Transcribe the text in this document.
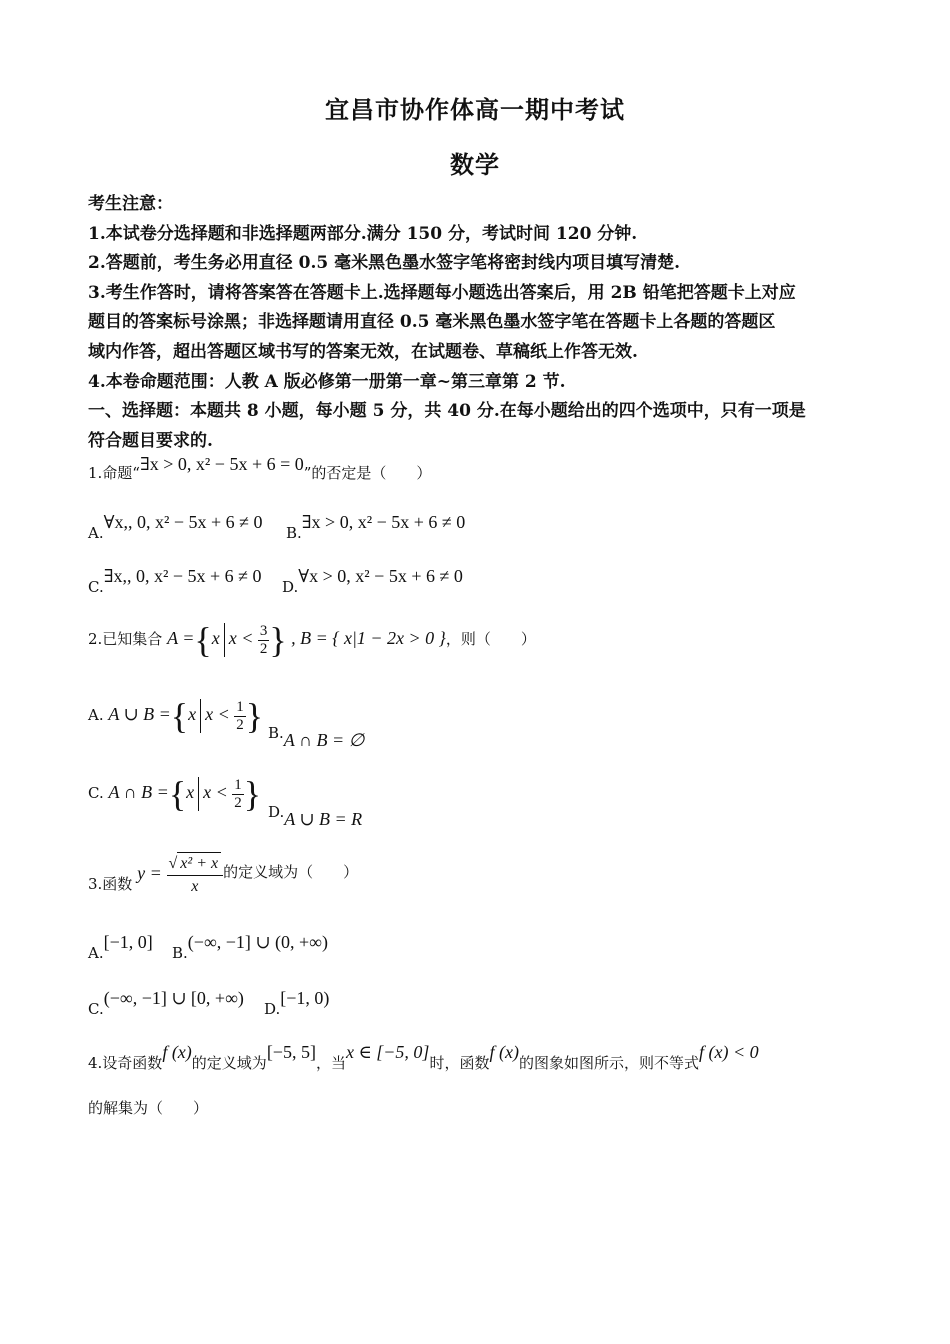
宜昌市协作体高一期中考试
数学
考生注意：
1.本试卷分选择题和非选择题两部分.满分 150 分，考试时间 120 分钟.
2.答题前，考生务必用直径 0.5 毫米黑色墨水签字笔将密封线内项目填写清楚.
3.考生作答时，请将答案答在答题卡上.选择题每小题选出答案后，用 2B 铅笔把答题卡上对应
题目的答案标号涂黑；非选择题请用直径 0.5 毫米黑色墨水签字笔在答题卡上各题的答题区
域内作答，超出答题区域书写的答案无效，在试题卷、草稿纸上作答无效.
4.本卷命题范围：人教 A 版必修第一册第一章~第三章第 2 节.
一、选择题：本题共 8 小题，每小题 5 分，共 40 分.在每小题给出的四个选项中，只有一项是
符合题目要求的.
1.命题“∃x > 0, x² − 5x + 6 = 0”的否定是（　　）
A.∀x,, 0, x² − 5x + 6 ≠ 0
B.∃x > 0, x² − 5x + 6 ≠ 0
C.∃x,, 0, x² − 5x + 6 ≠ 0
D.∀x > 0, x² − 5x + 6 ≠ 0
2.已知集合 A ={x $x < \frac{3}{2}$ } , B = { x|1 − 2x > 0 }，则（　　）
A. A ∪ B ={x $x < \frac{1}{2}$ } B.A ∩ B = ∅
C. A ∩ B ={x $x < \frac{1}{2}$ } D.A ∪ B = R
3.函数 $y = \frac{\text{√ x² + x}}{x}$ 的定义域为（　　）
A.[−1, 0]
B.(−∞, −1] ∪ (0, +∞)
C.(−∞, −1] ∪ [0, +∞)
D.[−1, 0)
4.设奇函数f (x)的定义域为[−5, 5]，当x ∈ [−5, 0]时，函数f (x)的图象如图所示，则不等式f (x) < 0
的解集为（　　）
